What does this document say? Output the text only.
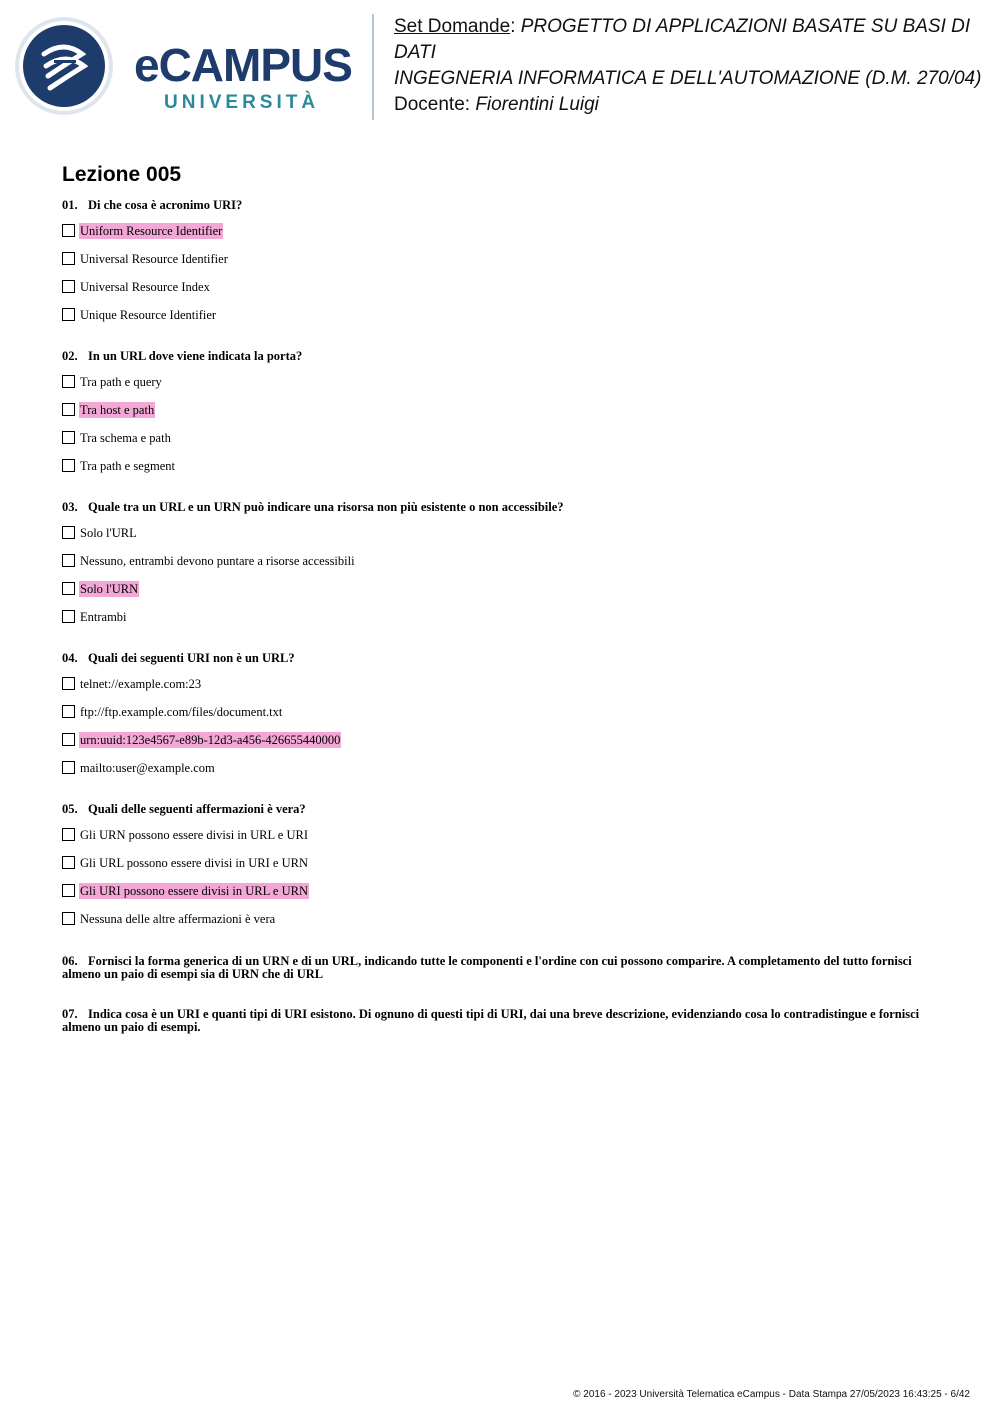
eCAMPUS
UNIVERSITÀ
Set Domande: PROGETTO DI APPLICAZIONI BASATE SU BASI DI DATI
INGEGNERIA INFORMATICA E DELL'AUTOMAZIONE (D.M. 270/04)
Docente: Fiorentini Luigi
Lezione 005

01. Di che cosa è acronimo URI?

Uniform Resource Identifier
Universal Resource Identifier
Universal Resource Index
Unique Resource Identifier

02. In un URL dove viene indicata la porta?

Tra path e query
Tra host e path
Tra schema e path
Tra path e segment

03. Quale tra un URL e un URN può indicare una risorsa non più esistente o non accessibile?

Solo l'URL
Nessuno, entrambi devono puntare a risorse accessibili
Solo l'URN
Entrambi

04. Quali dei seguenti URI non è un URL?

telnet://example.com:23
ftp://ftp.example.com/files/document.txt
urn:uuid:123e4567-e89b-12d3-a456-426655440000
mailto:user@example.com

05. Quali delle seguenti affermazioni è vera?

Gli URN possono essere divisi in URL e URI
Gli URL possono essere divisi in URI e URN
Gli URI possono essere divisi in URL e URN
Nessuna delle altre affermazioni è vera
06. Fornisci la forma generica di un URN e di un URL, indicando tutte le componenti e l'ordine con cui possono comparire. A completamento del tutto fornisci almeno un paio di esempi sia di URN che di URL
07. Indica cosa è un URI e quanti tipi di URI esistono. Di ognuno di questi tipi di URI, dai una breve descrizione, evidenziando cosa lo contradistingue e fornisci almeno un paio di esempi.
© 2016 - 2023 Università Telematica eCampus - Data Stampa 27/05/2023 16:43:25 - 6/42
